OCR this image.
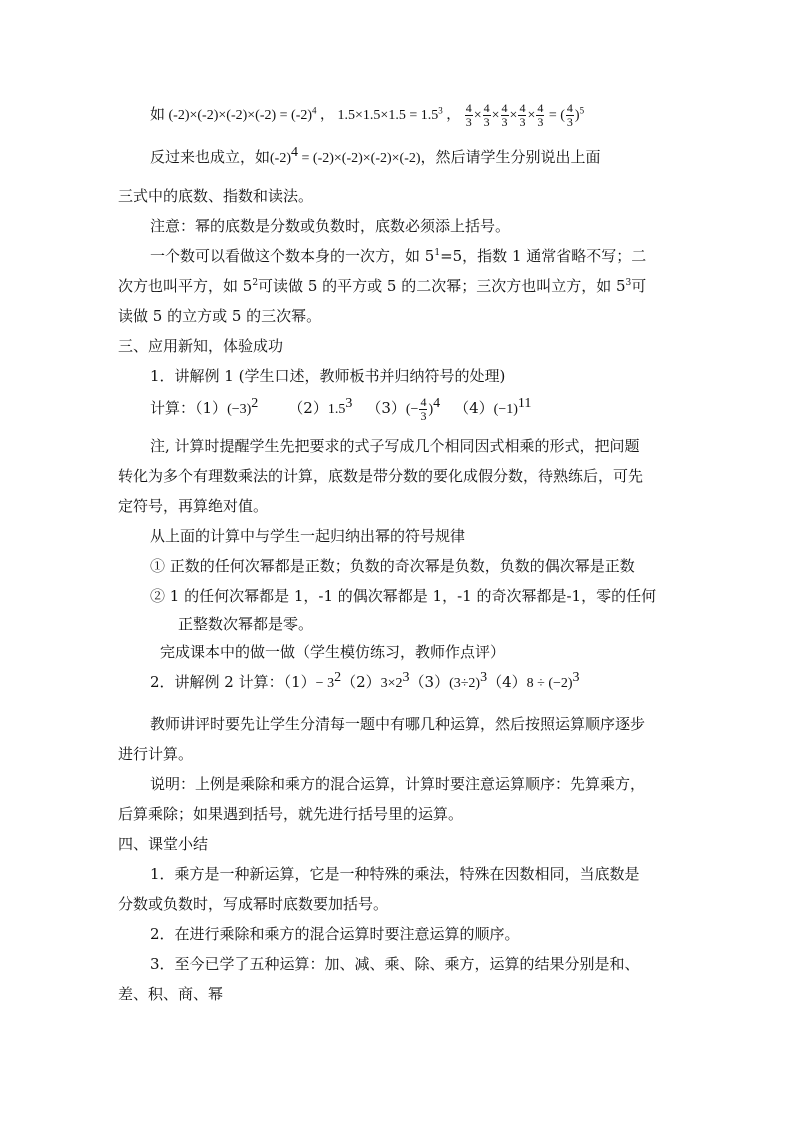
如 $(-2)\times(-2)\times(-2)\times(-2) = (-2)^4$ ， $1.5\times 1.5\times 1.5 = 1.5^3$ ， $\frac{4}{3} \times \frac{4}{3} \times \frac{4}{3} \times \frac{4}{3} \times \frac{4}{3}$ = ( $\frac{4}{3} )^5$
反过来也成立，如$(-2)^4 = (-2)\times(-2)\times(-2)\times(-2)$，然后请学生分别说出上面
三式中的底数、指数和读法。
注意：幂的底数是分数或负数时，底数必须添上括号。
一个数可以看做这个数本身的一次方，如 $5^1=5$，指数 1 通常省略不写；二
次方也叫平方，如 $5^2$可读做 5 的平方或 5 的二次幂；三次方也叫立方，如 $5^3$可
读做 5 的立方或 5 的三次幂。
三、应用新知，体验成功
1．讲解例 1 (学生口述，教师板书并归纳符号的处理)
计算：$(1)(-3)^2$ $(2)1.5^3$ $(3)(- \frac{4}{3} )^4$ $(4)(-1)^{11}$
注, 计算时提醒学生先把要求的式子写成几个相同因式相乘的形式，把问题
转化为多个有理数乘法的计算，底数是带分数的要化成假分数，待熟练后，可先
定符号，再算绝对值。
从上面的计算中与学生一起归纳出幂的符号规律
① 正数的任何次幂都是正数；负数的奇次幂是负数，负数的偶次幂是正数
② 1 的任何次幂都是 1，-1 的偶次幂都是 1，-1 的奇次幂都是-1，零的任何
正整数次幂都是零。
完成课本中的做一做（学生模仿练习，教师作点评）
2．讲解例 2 计算：$(1)- 3^2(2)3\times 2^3(3)(3\div 2)^3(4)8 \div (-2)^3$
教师讲评时要先让学生分清每一题中有哪几种运算，然后按照运算顺序逐步
进行计算。
说明：上例是乘除和乘方的混合运算，计算时要注意运算顺序：先算乘方，
后算乘除；如果遇到括号，就先进行括号里的运算。
四、课堂小结
1．乘方是一种新运算，它是一种特殊的乘法，特殊在因数相同，当底数是
分数或负数时，写成幂时底数要加括号。
2．在进行乘除和乘方的混合运算时要注意运算的顺序。
3．至今已学了五种运算：加、减、乘、除、乘方，运算的结果分别是和、
差、积、商、幂
